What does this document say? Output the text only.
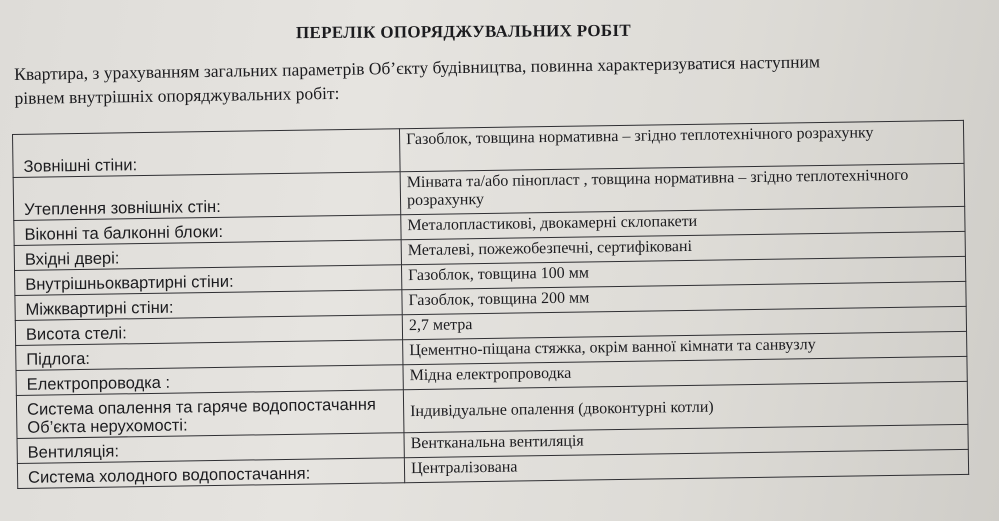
ПЕРЕЛІК ОПОРЯДЖУВАЛЬНИХ РОБІТ
Квартира, з урахуванням загальних параметрів Об’єкту будівництва, повинна характеризуватися наступним
рівнем внутрішніх опоряджувальних робіт:
Зовнішні стіни:	Газоблок, товщина нормативна – згідно теплотехнічного розрахунку
Утеплення зовнішніх стін:	Мінвата та/або пінопласт , товщина нормативна – згідно теплотехнічного розрахунку
Віконні та балконні блоки:	Металопластикові, двокамерні склопакети
Вхідні двері:	Металеві, пожежобезпечні, сертифіковані
Внутрішньоквартирні стіни:	Газоблок, товщина 100 мм
Міжквартирні стіни:	Газоблок, товщина 200 мм
Висота стелі:	2,7 метра
Підлога:	Цементно-піщана стяжка, окрім ванної кімнати та санвузлу
Електропроводка :	Мідна електропроводка
Система опалення та гаряче водопостачання Об’єкта нерухомості:	Індивідуальне опалення (двоконтурні котли)
Вентиляція:	Вентканальна вентиляція
Система холодного водопостачання:	Централізована
